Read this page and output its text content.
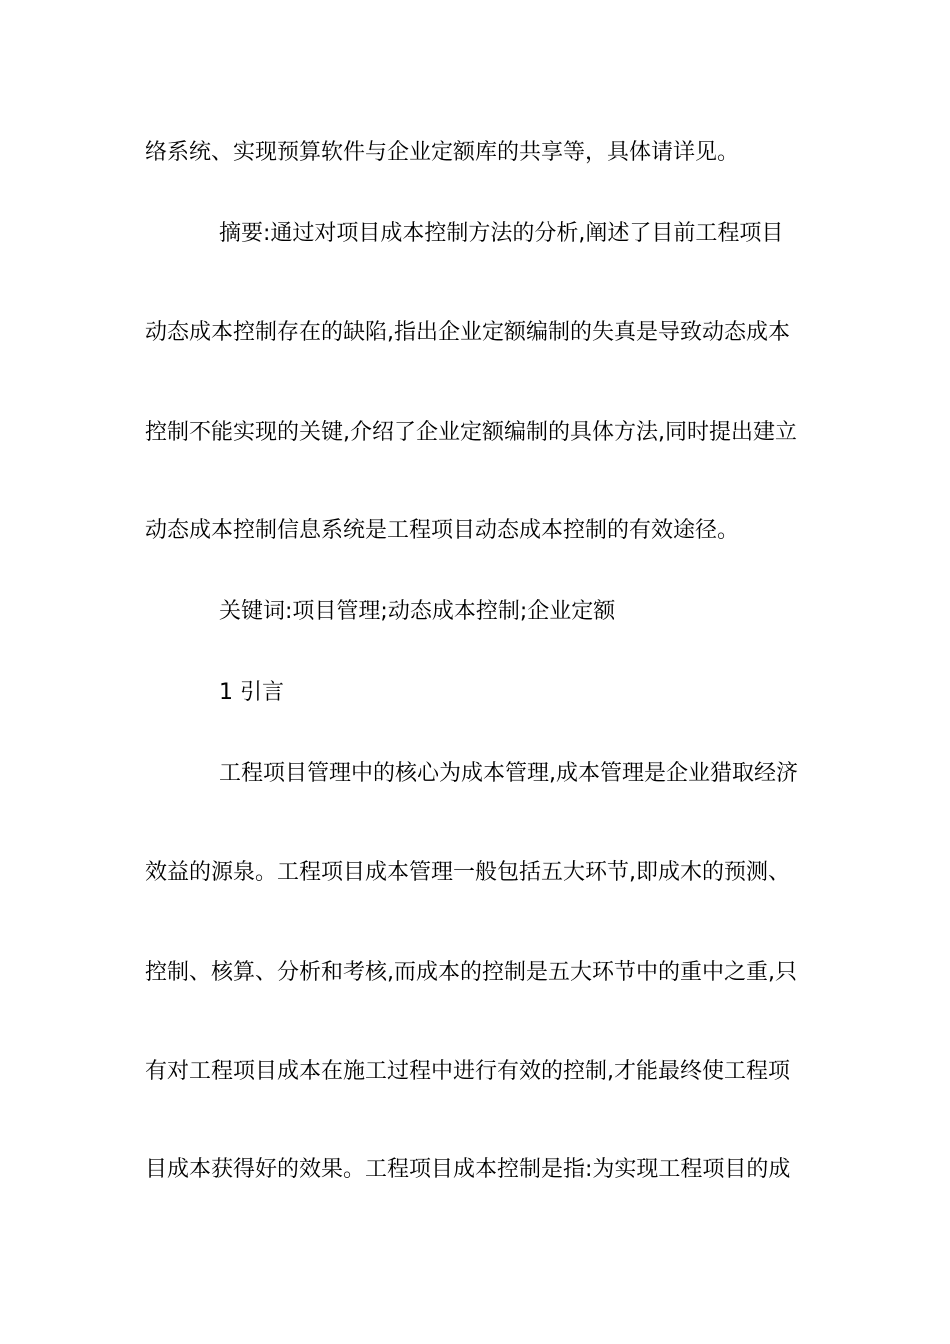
络系统、实现预算软件与企业定额库的共享等，具体请详见。
摘要:通过对项目成本控制方法的分析,阐述了目前工程项目
动态成本控制存在的缺陷,指出企业定额编制的失真是导致动态成本
控制不能实现的关键,介绍了企业定额编制的具体方法,同时提出建立
动态成本控制信息系统是工程项目动态成本控制的有效途径。
关键词:项目管理;动态成本控制;企业定额
1 引言
工程项目管理中的核心为成本管理,成本管理是企业猎取经济
效益的源泉。工程项目成本管理一般包括五大环节,即成木的预测、
控制、核算、分析和考核,而成本的控制是五大环节中的重中之重,只
有对工程项目成本在施工过程中进行有效的控制,才能最终使工程项
目成本获得好的效果。工程项目成本控制是指:为实现工程项目的成
